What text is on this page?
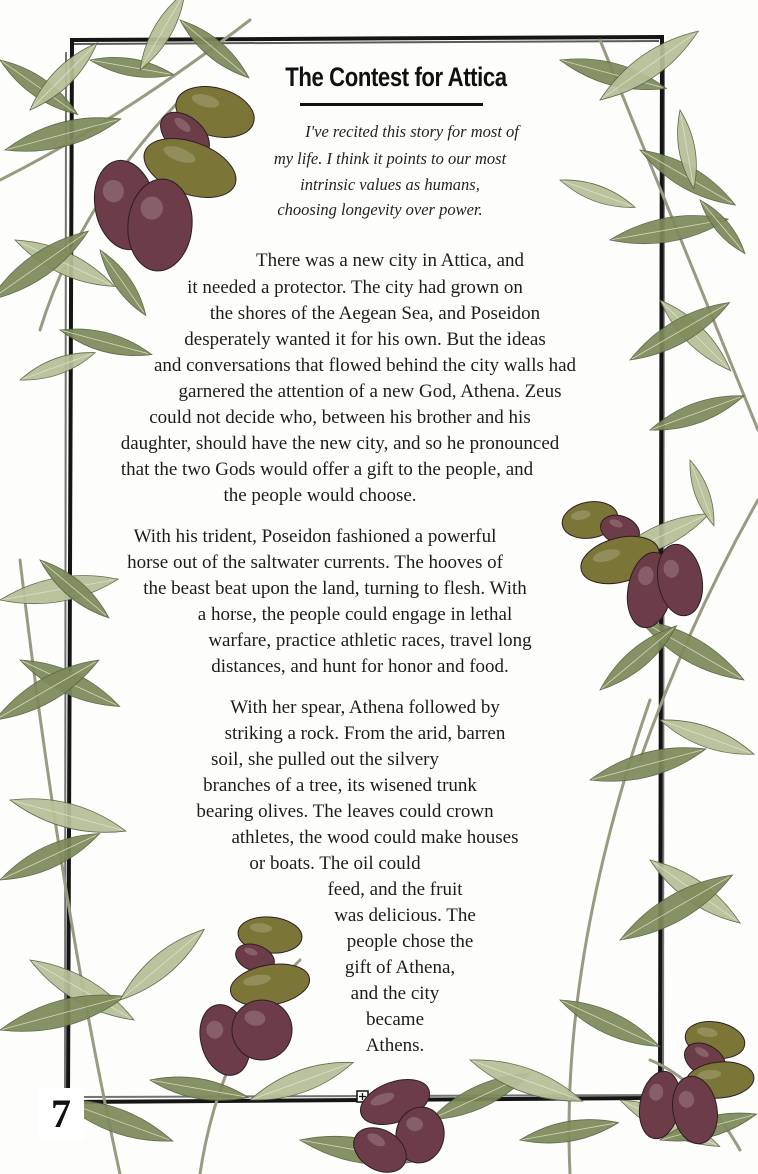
The Contest for Attica

I've recited this story for most of

my life. I think it points to our most

intrinsic values as humans,

choosing longevity over power.

There was a new city in Attica, and

it needed a protector. The city had grown on

the shores of the Aegean Sea, and Poseidon

desperately wanted it for his own. But the ideas

and conversations that flowed behind the city walls had

garnered the attention of a new God, Athena. Zeus

could not decide who, between his brother and his

daughter, should have the new city, and so he pronounced

that the two Gods would offer a gift to the people, and

the people would choose.

With his trident, Poseidon fashioned a powerful

horse out of the saltwater currents. The hooves of

the beast beat upon the land, turning to flesh. With

a horse, the people could engage in lethal

warfare, practice athletic races, travel long

distances, and hunt for honor and food.

With her spear, Athena followed by

striking a rock. From the arid, barren

soil, she pulled out the silvery

branches of a tree, its wisened trunk

bearing olives. The leaves could crown

athletes, the wood could make houses

or boats. The oil could

feed, and the fruit

was delicious. The

people chose the

gift of Athena,

and the city

became

Athens.

7
